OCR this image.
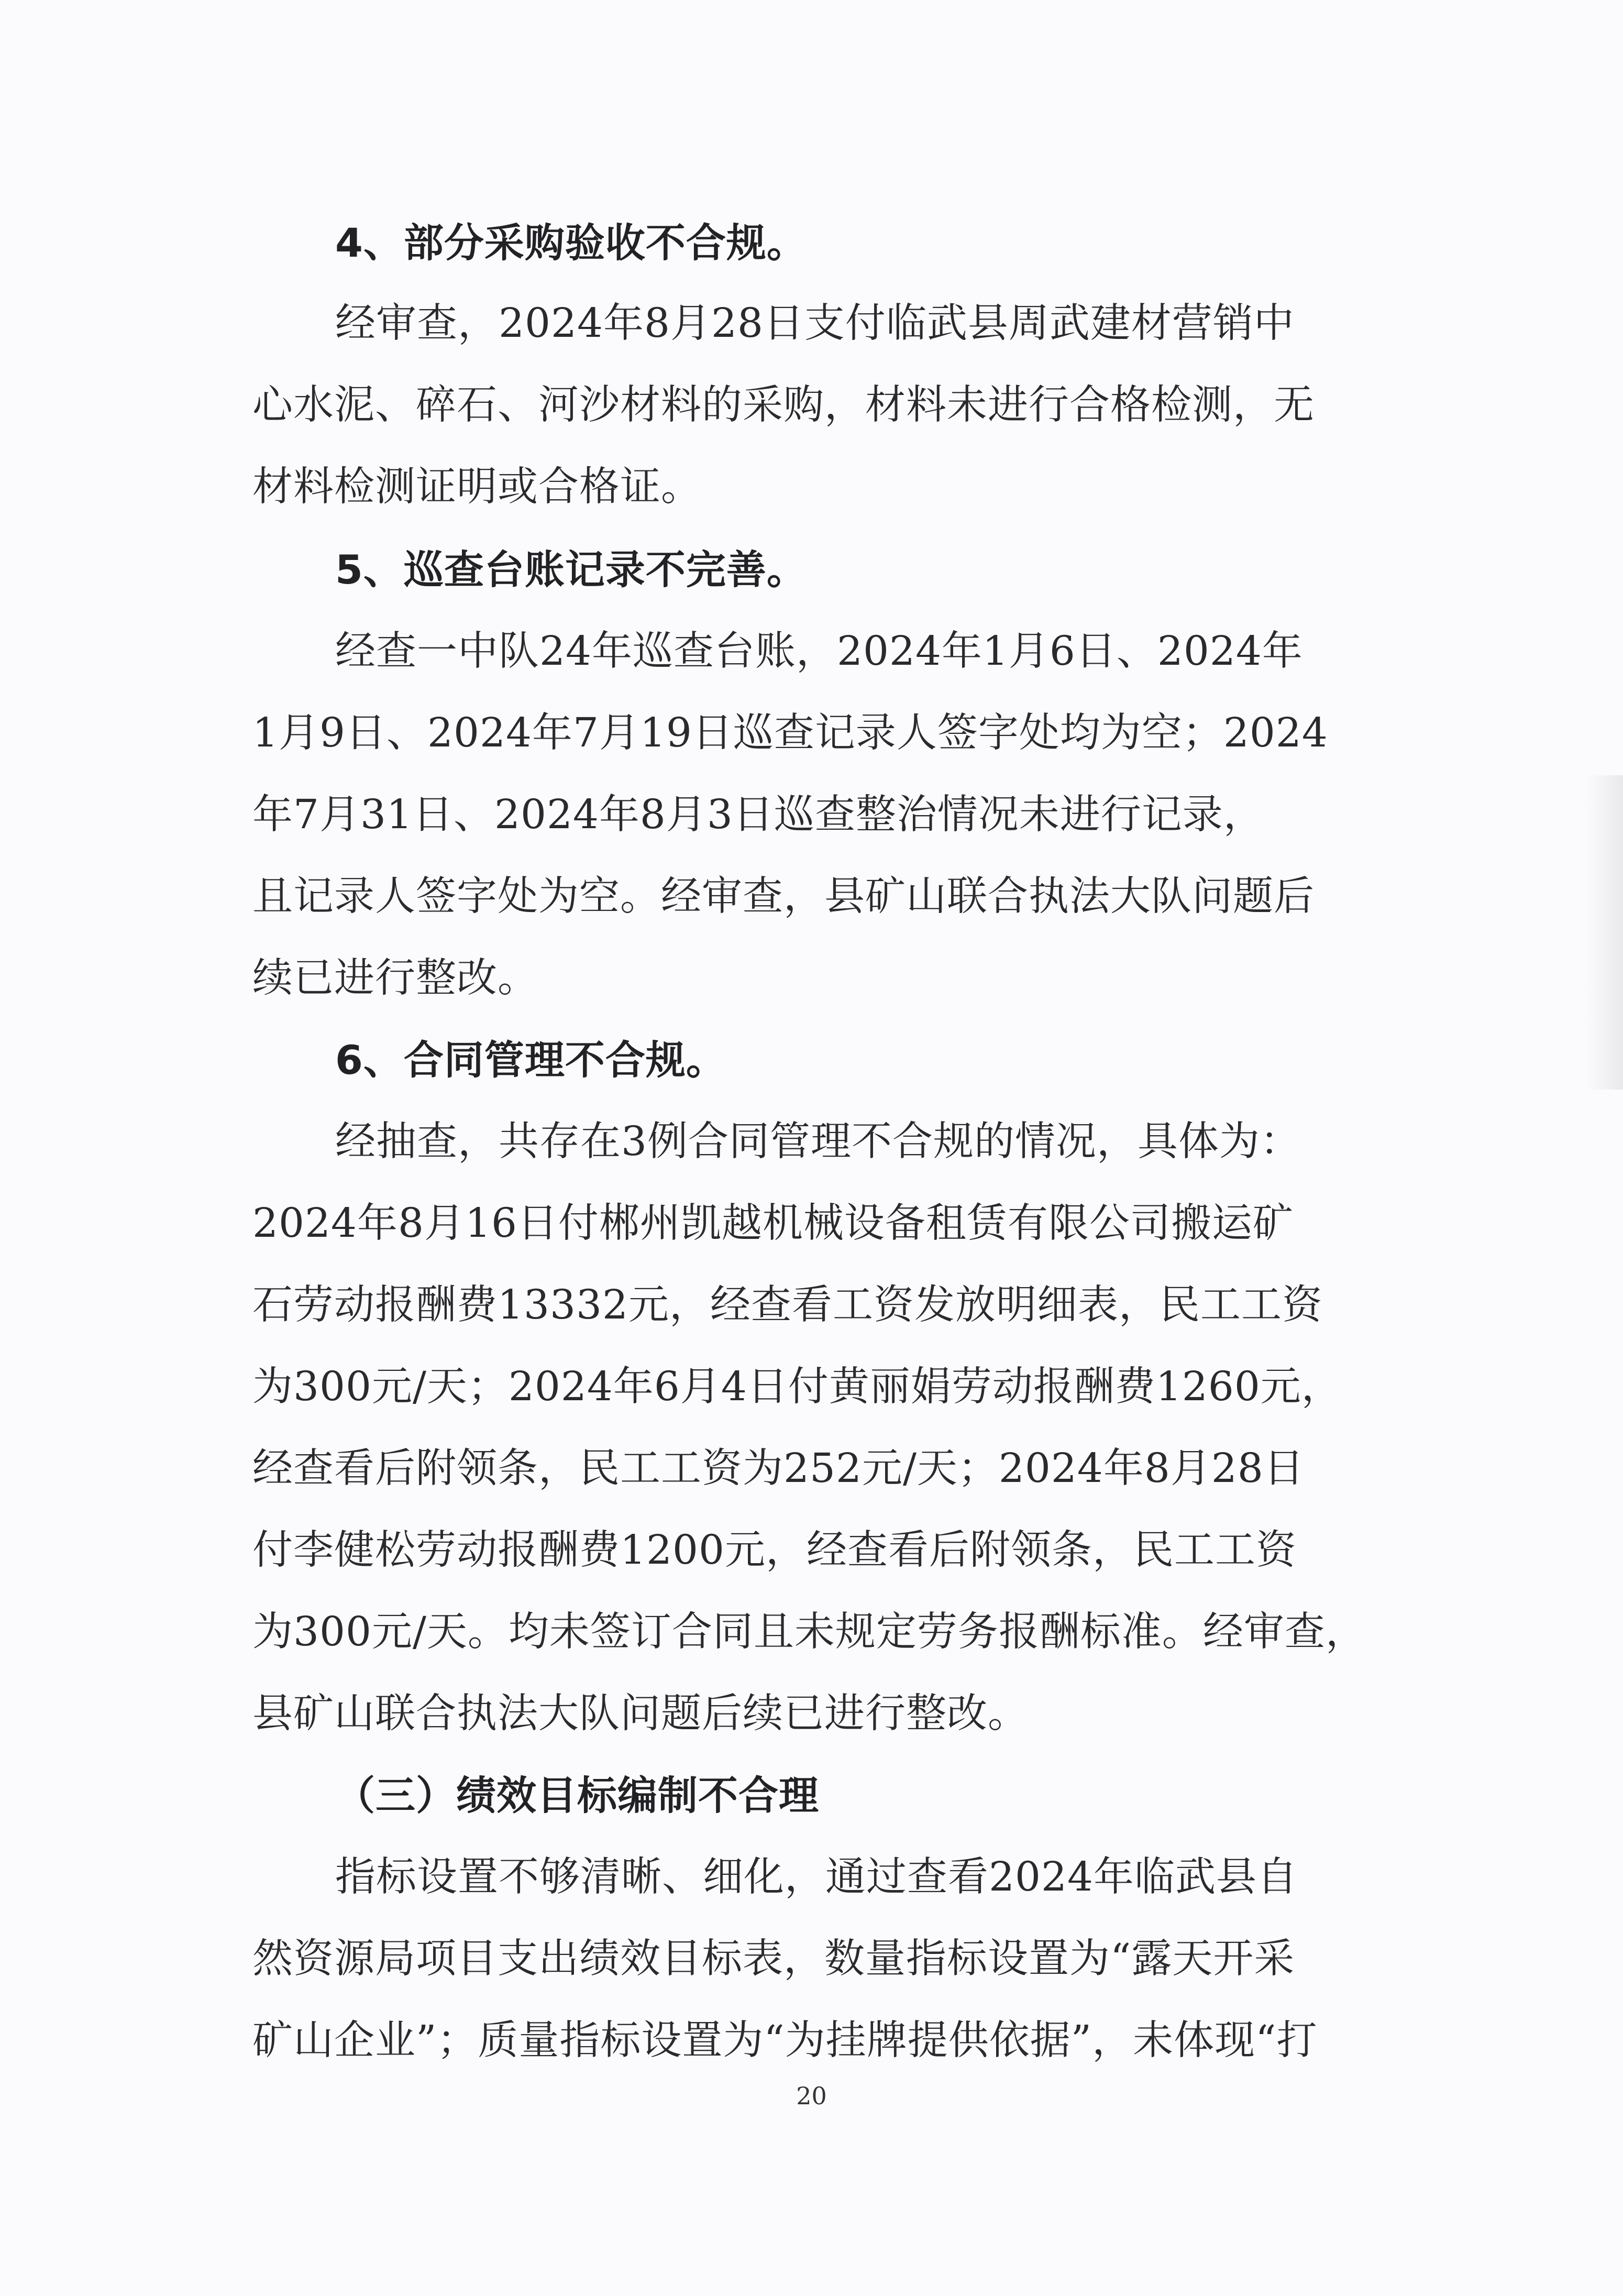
4、部分采购验收不合规。
经审查，2024年8月28日支付临武县周武建材营销中
心水泥、碎石、河沙材料的采购，材料未进行合格检测，无
材料检测证明或合格证。
5、巡查台账记录不完善。
经查一中队24年巡查台账，2024年1月6日、2024年
1月9日、2024年7月19日巡查记录人签字处均为空；2024
年7月31日、2024年8月3日巡查整治情况未进行记录，
且记录人签字处为空。经审查，县矿山联合执法大队问题后
续已进行整改。
6、合同管理不合规。
经抽查，共存在3例合同管理不合规的情况，具体为：
2024年8月16日付郴州凯越机械设备租赁有限公司搬运矿
石劳动报酬费13332元，经查看工资发放明细表，民工工资
为300元/天；2024年6月4日付黄丽娟劳动报酬费1260元，
经查看后附领条，民工工资为252元/天；2024年8月28日
付李健松劳动报酬费1200元，经查看后附领条，民工工资
为300元/天。均未签订合同且未规定劳务报酬标准。经审查，
县矿山联合执法大队问题后续已进行整改。
（三）绩效目标编制不合理
指标设置不够清晰、细化，通过查看2024年临武县自
然资源局项目支出绩效目标表，数量指标设置为“露天开采
矿山企业”；质量指标设置为“为挂牌提供依据”，未体现“打
20
